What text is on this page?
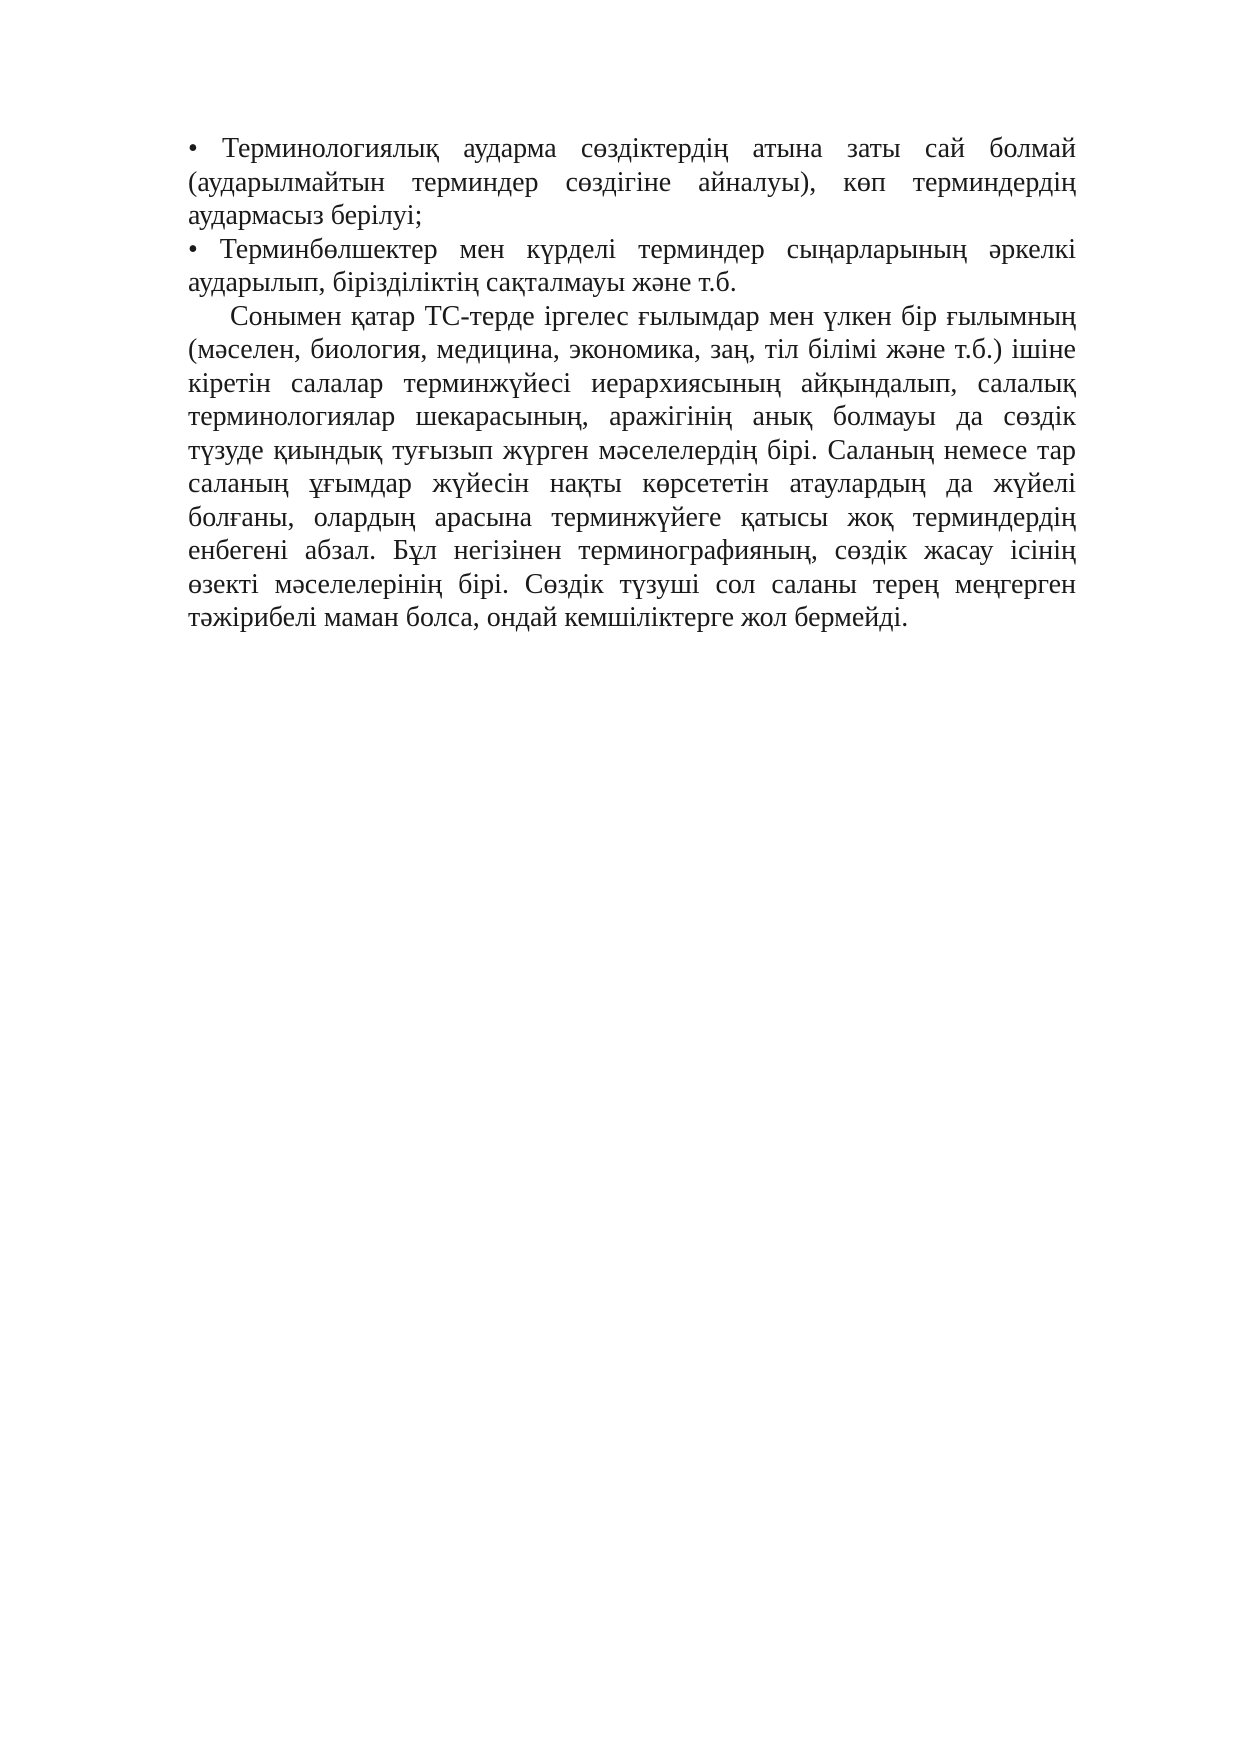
• Терминологиялық аударма сөздіктердің атына заты сай болмай (аударылмайтын терминдер сөздігіне айналуы), көп терминдердің аудармасыз берілуі;

• Терминбөлшектер мен күрделі терминдер сыңарларының әркелкі аударылып, бірізділіктің сақталмауы және т.б.

Сонымен қатар ТС-терде іргелес ғылымдар мен үлкен бір ғылымның (мәселен, биология, медицина, экономика, заң, тіл білімі және т.б.) ішіне кіретін салалар терминжүйесі иерархиясының айқындалып, салалық терминологиялар шекарасының, аражігінің анық болмауы да сөздік түзуде қиындық туғызып жүрген мәселелердің бірі. Саланың немесе тар саланың ұғымдар жүйесін нақты көрсететін атаулардың да жүйелі болғаны, олардың арасына терминжүйеге қатысы жоқ терминдердің енбегені абзал. Бұл негізінен терминографияның, сөздік жасау ісінің өзекті мәселелерінің бірі. Сөздік түзуші сол саланы терең меңгерген тәжірибелі маман болса, ондай кемшіліктерге жол бермейді.
